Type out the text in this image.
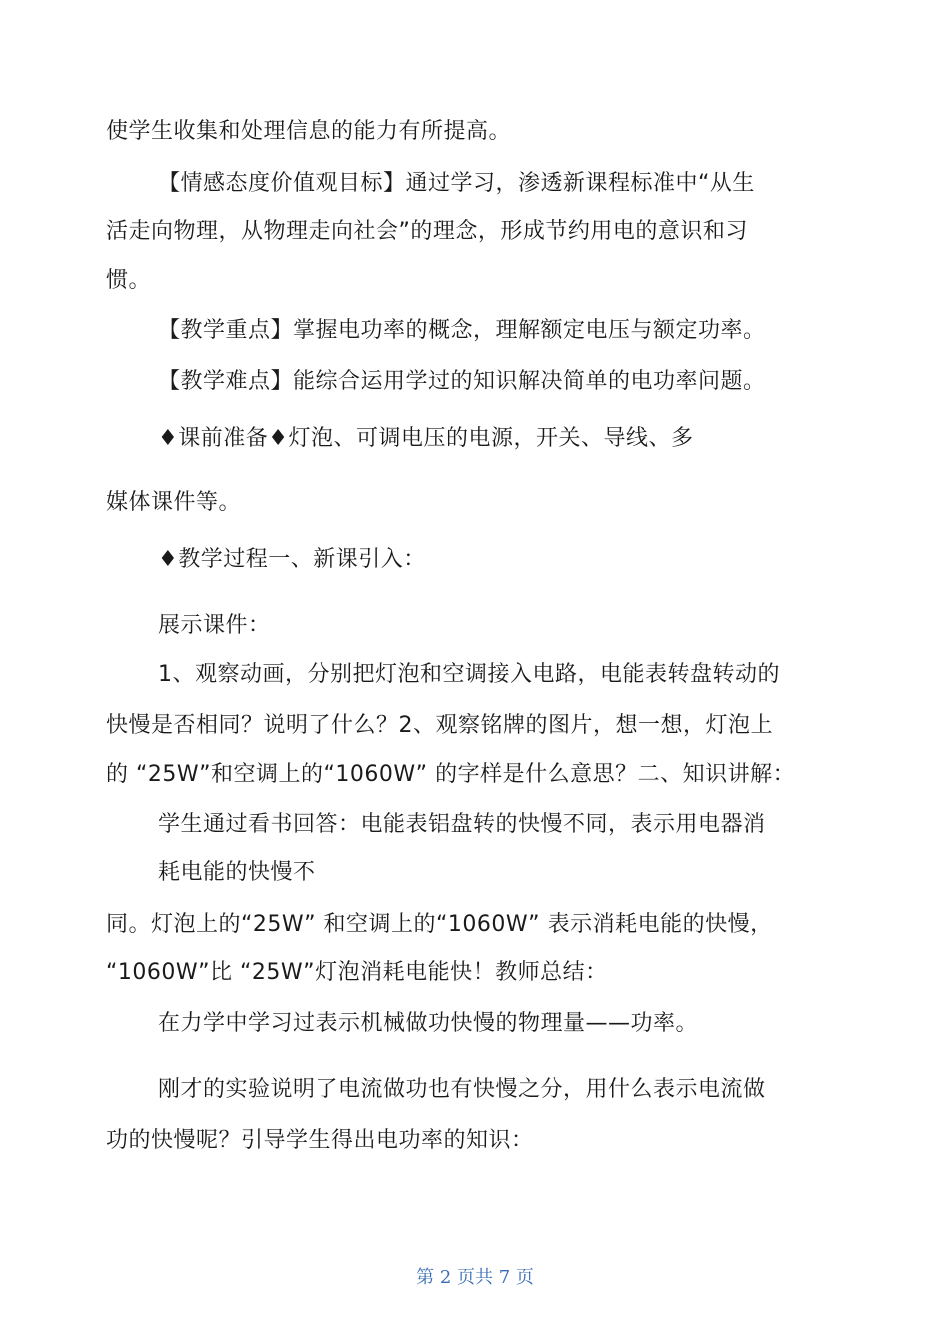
使学生收集和处理信息的能力有所提高。
【情感态度价值观目标】通过学习，渗透新课程标准中“从生
活走向物理，从物理走向社会”的理念，形成节约用电的意识和习
惯。
【教学重点】掌握电功率的概念，理解额定电压与额定功率。
【教学难点】能综合运用学过的知识解决简单的电功率问题。
♦课前准备♦灯泡、可调电压的电源，开关、导线、多
媒体课件等。
♦教学过程一、新课引入：
展示课件：
1、观察动画，分别把灯泡和空调接入电路，电能表转盘转动的
快慢是否相同？说明了什么？2、观察铭牌的图片，想一想，灯泡上
的 “25W”和空调上的“1060W” 的字样是什么意思？二、知识讲解：
学生通过看书回答：电能表铝盘转的快慢不同，表示用电器消
耗电能的快慢不
同。灯泡上的“25W” 和空调上的“1060W” 表示消耗电能的快慢，
“1060W”比 “25W”灯泡消耗电能快！教师总结：
在力学中学习过表示机械做功快慢的物理量——功率。
刚才的实验说明了电流做功也有快慢之分，用什么表示电流做
功的快慢呢？引导学生得出电功率的知识：
第 2 页共 7 页
